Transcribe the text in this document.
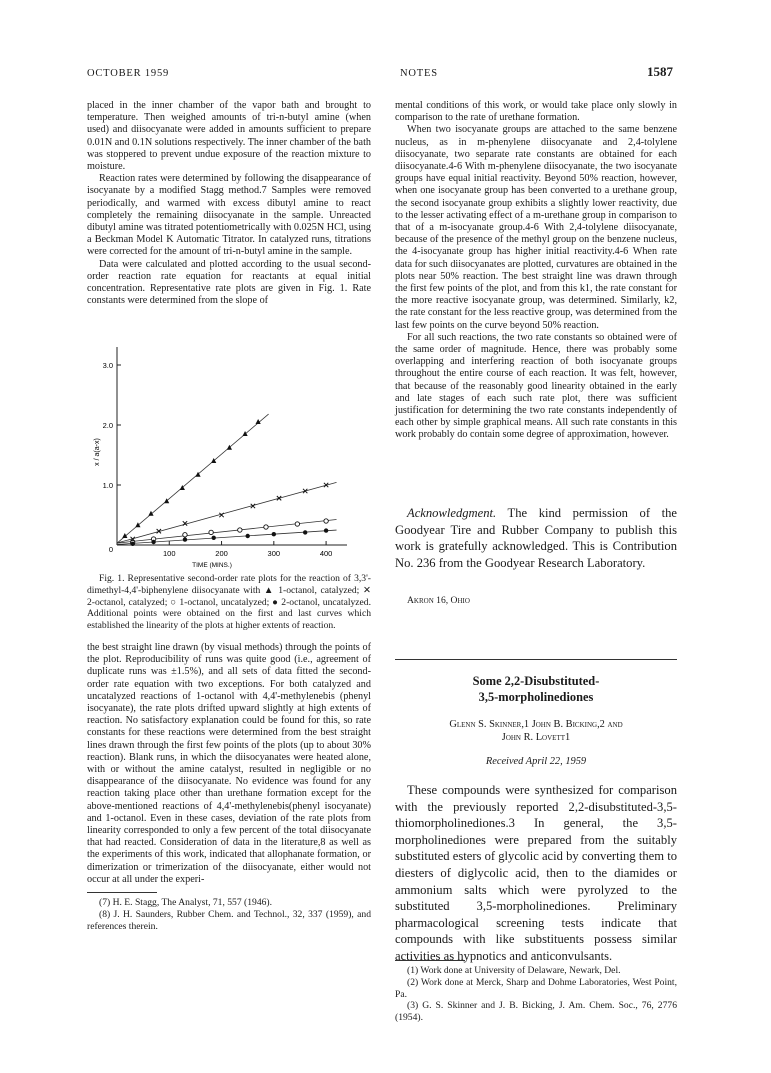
OCTOBER 1959	NOTES	1587

placed in the inner chamber of the vapor bath and brought to temperature. Then weighed amounts of tri-n-butyl amine (when used) and diisocyanate were added in amounts sufficient to prepare 0.01N and 0.1N solutions respectively. The inner chamber of the bath was stoppered to prevent undue exposure of the reaction mixture to moisture.

Reaction rates were determined by following the disappearance of isocyanate by a modified Stagg method.7 Samples were removed periodically, and warmed with excess dibutyl amine to react completely the remaining diisocyanate in the sample. Unreacted dibutyl amine was titrated potentiometrically with 0.025N HCl, using a Beckman Model K Automatic Titrator. In catalyzed runs, titrations were corrected for the amount of tri-n-butyl amine in the sample.

Data were calculated and plotted according to the usual second-order reaction rate equation for reactants at equal initial concentration. Representative rate plots are given in Fig. 1. Rate constants were determined from the slope of

100	200	300	400
0
1.0
2.0
3.0
TIME (MINS.)
x / a(a-x)

Fig. 1. Representative second-order rate plots for the reaction of 3,3'-dimethyl-4,4'-biphenylene diisocyanate with ▲ 1-octanol, catalyzed; ✕ 2-octanol, catalyzed; ○ 1-octanol, uncatalyzed; ● 2-octanol, uncatalyzed. Additional points were obtained on the first and last curves which established the linearity of the plots at higher extents of reaction.

the best straight line drawn (by visual methods) through the points of the plot. Reproducibility of runs was quite good (i.e., agreement of duplicate runs was ±1.5%), and all sets of data fitted the second-order rate equation with two exceptions. For both catalyzed and uncatalyzed reactions of 1-octanol with 4,4'-methylenebis (phenyl isocyanate), the rate plots drifted upward slightly at high extents of reaction. No satisfactory explanation could be found for this, so rate constants for these reactions were determined from the best straight lines drawn through the first few points of the plots (up to about 30% reaction). Blank runs, in which the diisocyanates were heated alone, with or without the amine catalyst, resulted in negligible or no disappearance of the diisocyanate. No evidence was found for any reaction taking place other than urethane formation except for the above-mentioned reactions of 4,4'-methylenebis(phenyl isocyanate) and 1-octanol. Even in these cases, deviation of the rate plots from linearity corresponded to only a few percent of the total diisocyanate that had reacted. Consideration of data in the literature,8 as well as the experiments of this work, indicated that allophanate formation, or dimerization or trimerization of the diisocyanate, either would not occur at all under the experi-

(7) H. E. Stagg, The Analyst, 71, 557 (1946).

(8) J. H. Saunders, Rubber Chem. and Technol., 32, 337 (1959), and references therein.

mental conditions of this work, or would take place only slowly in comparison to the rate of urethane formation.

When two isocyanate groups are attached to the same benzene nucleus, as in m-phenylene diisocyanate and 2,4-tolylene diisocyanate, two separate rate constants are obtained for each diisocyanate.4-6 With m-phenylene diisocyanate, the two isocyanate groups have equal initial reactivity. Beyond 50% reaction, however, when one isocyanate group has been converted to a urethane group, the second isocyanate group exhibits a slightly lower reactivity, due to the lesser activating effect of a m-urethane group in comparison to that of a m-isocyanate group.4-6 With 2,4-tolylene diisocyanate, because of the presence of the methyl group on the benzene nucleus, the 4-isocyanate group has higher initial reactivity.4-6 When rate data for such diisocyanates are plotted, curvatures are obtained in the plots near 50% reaction. The best straight line was drawn through the first few points of the plot, and from this k1, the rate constant for the more reactive isocyanate group, was determined. Similarly, k2, the rate constant for the less reactive group, was determined from the last few points on the curve beyond 50% reaction.

For all such reactions, the two rate constants so obtained were of the same order of magnitude. Hence, there was probably some overlapping and interfering reaction of both isocyanate groups throughout the entire course of each reaction. It was felt, however, that because of the reasonably good linearity obtained in the early and late stages of each such rate plot, there was sufficient justification for determining the two rate constants independently of each other by simple graphical means. All such rate constants in this work probably do contain some degree of approximation, however.

Acknowledgment. The kind permission of the Goodyear Tire and Rubber Company to publish this work is gratefully acknowledged. This is Contribution No. 236 from the Goodyear Research Laboratory.

Akron 16, Ohio
Some 2,2-Disubstituted-
3,5-morpholinediones
Glenn S. Skinner,1 John B. Bicking,2 and
John R. Lovett1
Received April 22, 1959

These compounds were synthesized for comparison with the previously reported 2,2-disubstituted-3,5-thiomorpholinediones.3 In general, the 3,5-morpholinediones were prepared from the suitably substituted esters of glycolic acid by converting them to diesters of diglycolic acid, then to the diamides or ammonium salts which were pyrolyzed to the substituted 3,5-morpholinediones. Preliminary pharmacological screening tests indicate that compounds with like substituents possess similar activities as hypnotics and anticonvulsants.

(1) Work done at University of Delaware, Newark, Del.

(2) Work done at Merck, Sharp and Dohme Laboratories, West Point, Pa.

(3) G. S. Skinner and J. B. Bicking, J. Am. Chem. Soc., 76, 2776 (1954).
